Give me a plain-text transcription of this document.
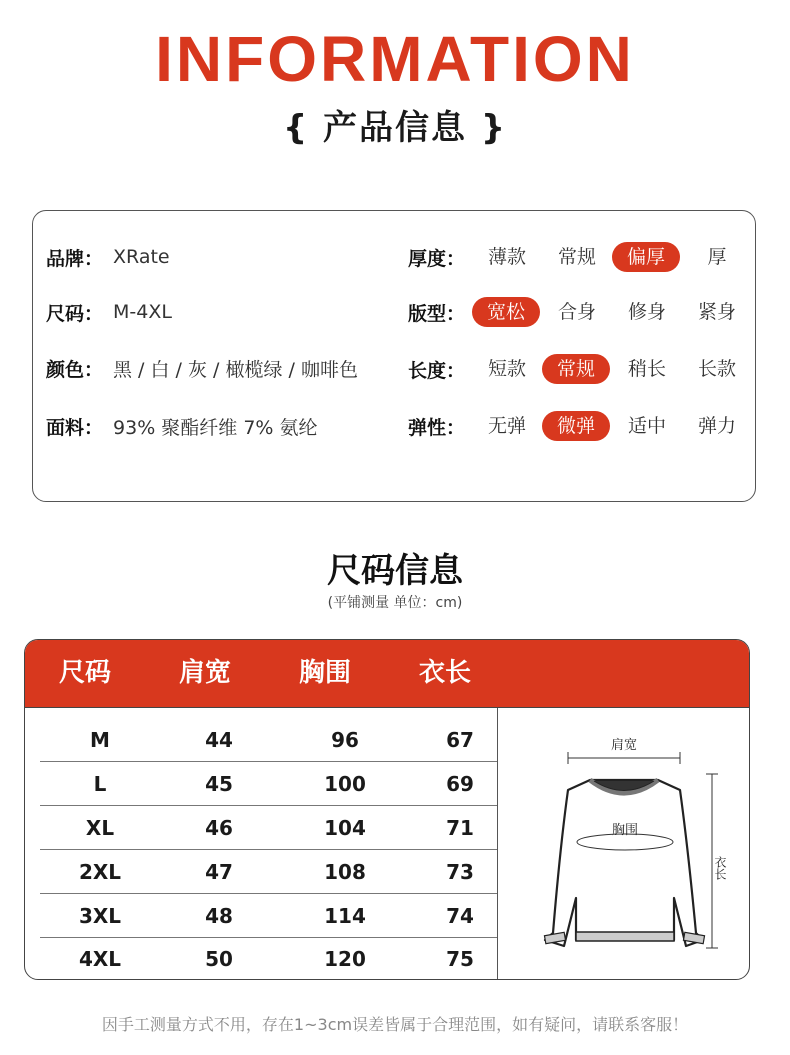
INFORMATION
{ 产品信息 }
品牌： XRate
尺码： M-4XL
颜色： 黑 / 白 / 灰 / 橄榄绿 / 咖啡色
面料： 93% 聚酯纤维 7% 氨纶
厚度：	薄款	常规	偏厚	厚
版型：	宽松	合身	修身	紧身
长度：	短款	常规	稍长	长款
弹性：	无弹	微弹	适中	弹力
尺码信息
(平铺测量 单位：cm)
尺码	肩宽	胸围	衣长
M	44	96	67
L	45	100	69
XL	46	104	71
2XL	47	108	73
3XL	48	114	74
4XL	50	120	75
肩宽
衣长
胸围
因手工测量方式不用，存在1~3cm误差皆属于合理范围，如有疑问，请联系客服！
